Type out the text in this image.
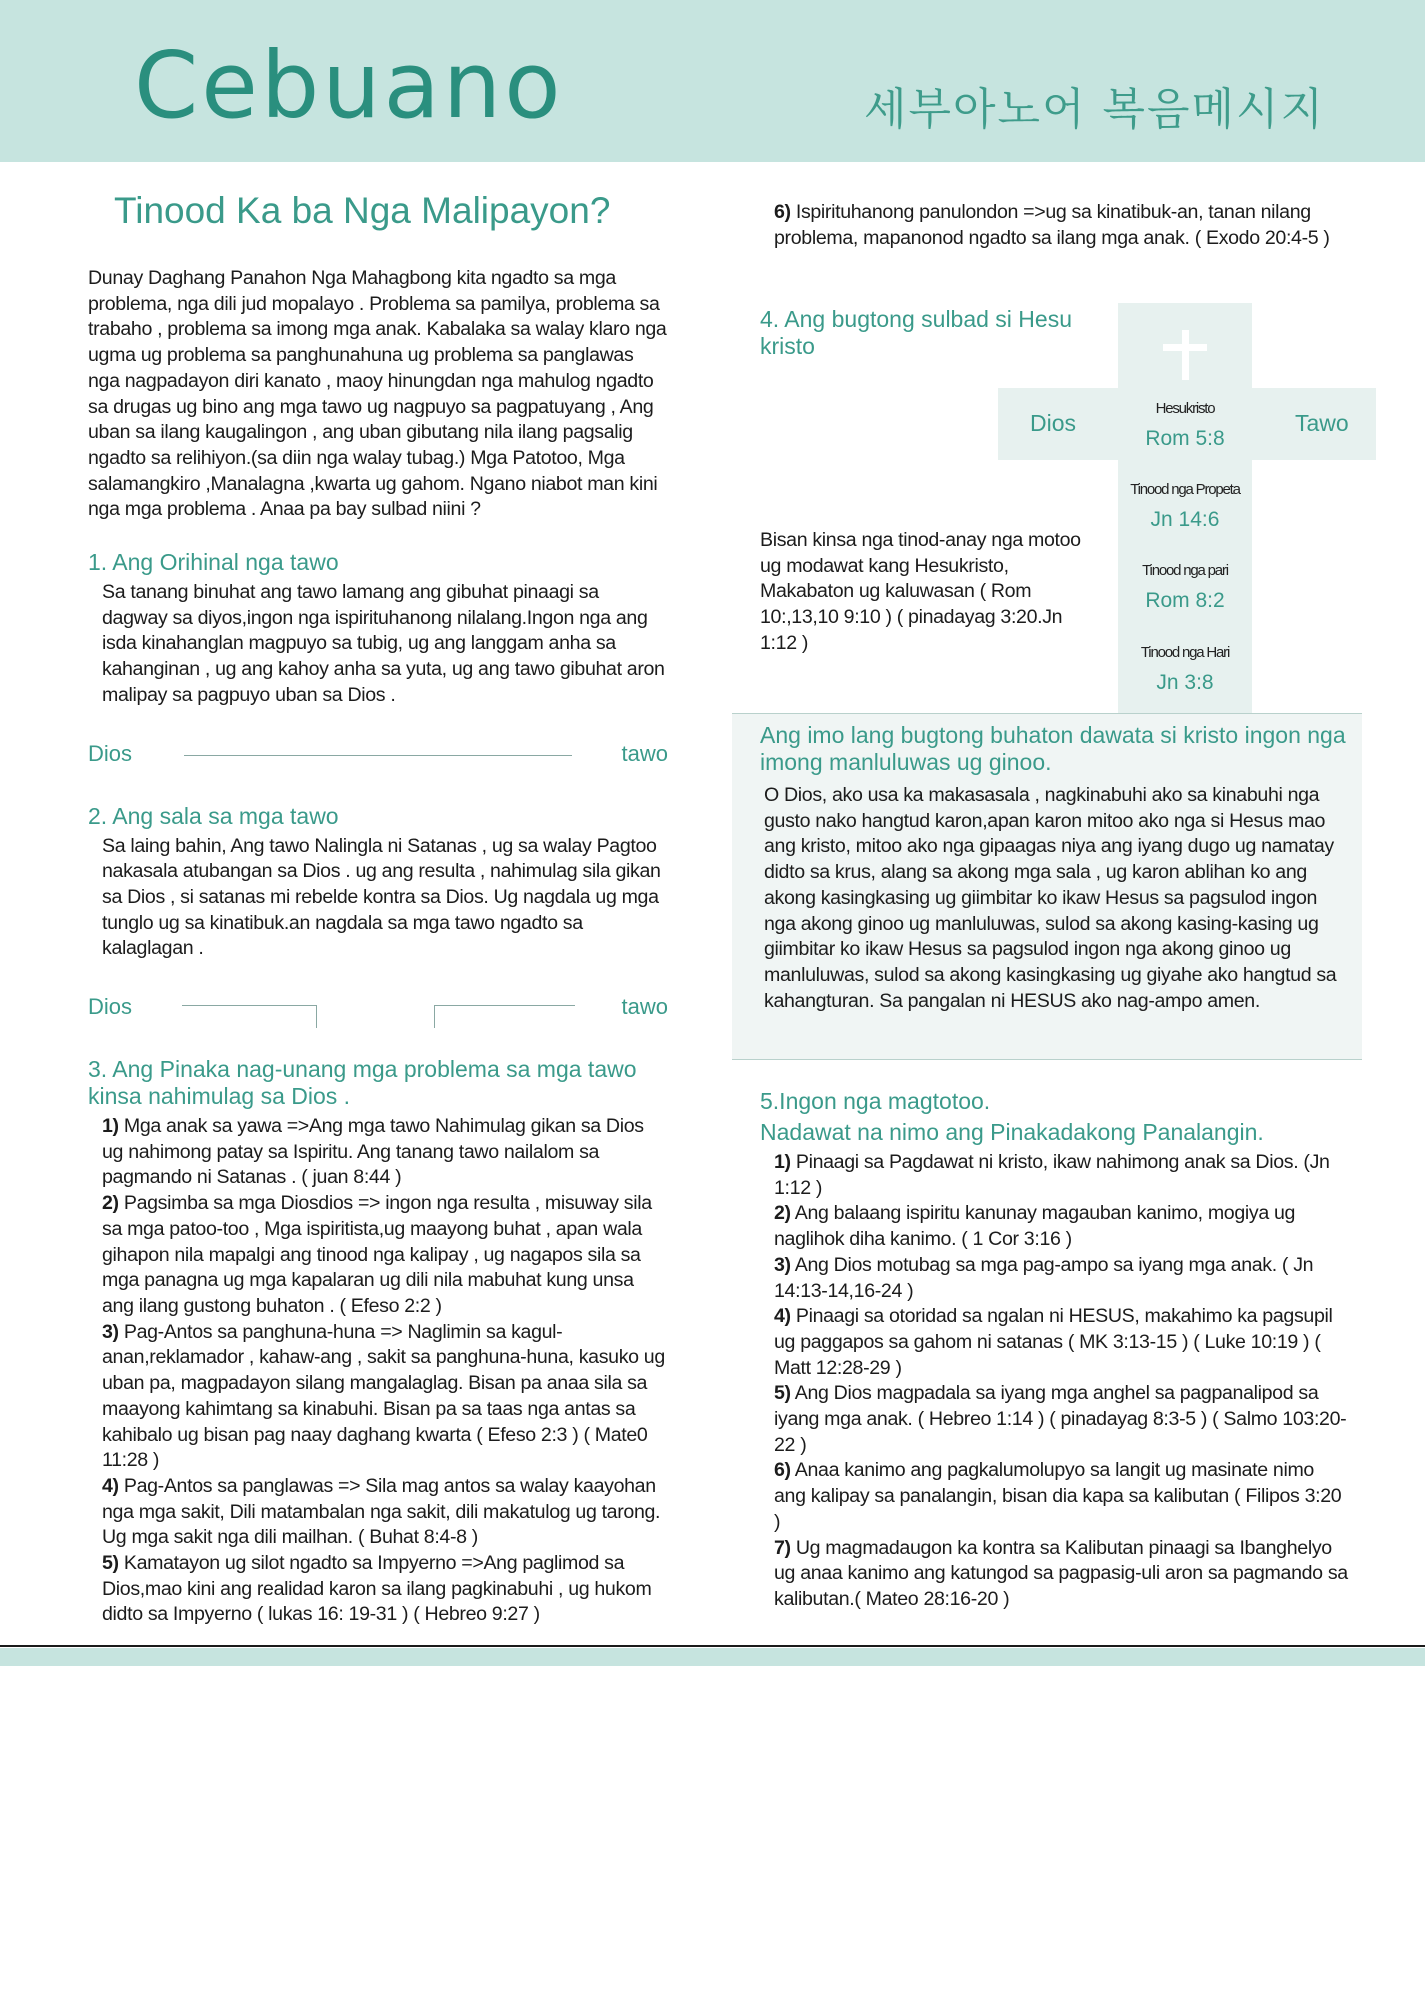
Cebuano	세부아노어 복음메시지
Tinood Ka ba Nga Malipayon?

Dunay Daghang Panahon Nga Mahagbong kita ngadto sa mga problema, nga dili jud mopalayo . Problema sa pamilya, problema sa trabaho , problema sa imong mga anak. Kabalaka sa walay klaro nga ugma ug problema sa panghunahuna ug problema sa panglawas nga nagpadayon diri kanato , maoy hinungdan nga mahulog ngadto sa drugas ug bino ang mga tawo ug nagpuyo sa pagpatuyang , Ang uban sa ilang kaugalingon , ang uban gibutang nila ilang pagsalig ngadto sa relihiyon.(sa diin nga walay tubag.) Mga Patotoo, Mga salamangkiro ,Manalagna ,kwarta ug gahom. Ngano niabot man kini nga mga problema . Anaa pa bay sulbad niini ?

1. Ang Orihinal nga tawo

Sa tanang binuhat ang tawo lamang ang gibuhat pinaagi sa dagway sa diyos,ingon nga ispirituhanong nilalang.Ingon nga ang isda kinahanglan magpuyo sa tubig, ug ang langgam anha sa kahanginan , ug ang kahoy anha sa yuta, ug ang tawo gibuhat aron malipay sa pagpuyo uban sa Dios .

Dios	tawo
2. Ang sala sa mga tawo

Sa laing bahin, Ang tawo Nalingla ni Satanas , ug sa walay Pagtoo nakasala atubangan sa Dios . ug ang resulta , nahimulag sila gikan sa Dios , si satanas mi rebelde kontra sa Dios. Ug nagdala ug mga tunglo ug sa kinatibuk.an nagdala sa mga tawo ngadto sa kalaglagan .

Dios	tawo
3. Ang Pinaka nag-unang mga problema sa mga tawo kinsa nahimulag sa Dios .
1) Mga anak sa yawa =>Ang mga tawo Nahimulag gikan sa Dios ug nahimong patay sa Ispiritu. Ang tanang tawo nailalom sa pagmando ni Satanas . ( juan 8:44 )
2) Pagsimba sa mga Diosdios => ingon nga resulta , misuway sila sa mga patoo-too , Mga ispiritista,ug maayong buhat , apan wala gihapon nila mapalgi ang tinood nga kalipay , ug nagapos sila sa mga panagna ug mga kapalaran ug dili nila mabuhat kung unsa ang ilang gustong buhaton . ( Efeso 2:2 )
3) Pag-Antos sa panghuna-huna => Naglimin sa kagul-anan,reklamador , kahaw-ang , sakit sa panghuna-huna, kasuko ug uban pa, magpadayon silang mangalaglag. Bisan pa anaa sila sa maayong kahimtang sa kinabuhi. Bisan pa sa taas nga antas sa kahibalo ug bisan pag naay daghang kwarta ( Efeso 2:3 ) ( Mate0 11:28 )
4) Pag-Antos sa panglawas => Sila mag antos sa walay kaayohan nga mga sakit, Dili matambalan nga sakit, dili makatulog ug tarong. Ug mga sakit nga dili mailhan. ( Buhat 8:4-8 )
5) Kamatayon ug silot ngadto sa Impyerno =>Ang paglimod sa Dios,mao kini ang realidad karon sa ilang pagkinabuhi , ug hukom didto sa Impyerno ( lukas 16: 19-31 ) ( Hebreo 9:27 )

6) Ispirituhanong panulondon =>ug sa kinatibuk-an, tanan nilang problema, mapanonod ngadto sa ilang mga anak. ( Exodo 20:4-5 )

4. Ang bugtong sulbad si Hesu kristo
Dios	Tawo
Hesukristo
Rom 5:8
Tinood nga Propeta
Jn 14:6
Tinood nga pari
Rom 8:2
Tinood nga Hari
Jn 3:8
Bisan kinsa nga tinod-anay nga motoo ug modawat kang Hesukristo, Makabaton ug kaluwasan ( Rom 10:,13,10 9:10 ) ( pinadayag 3:20.Jn 1:12 )
Ang imo lang bugtong buhaton dawata si kristo ingon nga imong manluluwas ug ginoo.
O Dios, ako usa ka makasasala , nagkinabuhi ako sa kinabuhi nga gusto nako hangtud karon,apan karon mitoo ako nga si Hesus mao ang kristo, mitoo ako nga gipaagas niya ang iyang dugo ug namatay didto sa krus, alang sa akong mga sala , ug karon ablihan ko ang akong kasingkasing ug giimbitar ko ikaw Hesus sa pagsulod ingon nga akong ginoo ug manluluwas, sulod sa akong kasing-kasing ug giimbitar ko ikaw Hesus sa pagsulod ingon nga akong ginoo ug manluluwas, sulod sa akong kasingkasing ug giyahe ako hangtud sa kahangturan. Sa pangalan ni HESUS ako nag-ampo amen.
5.Ingon nga magtotoo.
Nadawat na nimo ang Pinakadakong Panalangin.
1) Pinaagi sa Pagdawat ni kristo, ikaw nahimong anak sa Dios. (Jn 1:12 )
2) Ang balaang ispiritu kanunay magauban kanimo, mogiya ug naglihok diha kanimo. ( 1 Cor 3:16 )
3) Ang Dios motubag sa mga pag-ampo sa iyang mga anak. ( Jn 14:13-14,16-24 )
4) Pinaagi sa otoridad sa ngalan ni HESUS, makahimo ka pagsupil ug paggapos sa gahom ni satanas ( MK 3:13-15 ) ( Luke 10:19 ) ( Matt 12:28-29 )
5) Ang Dios magpadala sa iyang mga anghel sa pagpanalipod sa iyang mga anak. ( Hebreo 1:14 ) ( pinadayag 8:3-5 ) ( Salmo 103:20-22 )
6) Anaa kanimo ang pagkalumolupyo sa langit ug masinate nimo ang kalipay sa panalangin, bisan dia kapa sa kalibutan ( Filipos 3:20 )
7) Ug magmadaugon ka kontra sa Kalibutan pinaagi sa Ibanghelyo ug anaa kanimo ang katungod sa pagpasig-uli aron sa pagmando sa kalibutan.( Mateo 28:16-20 )
